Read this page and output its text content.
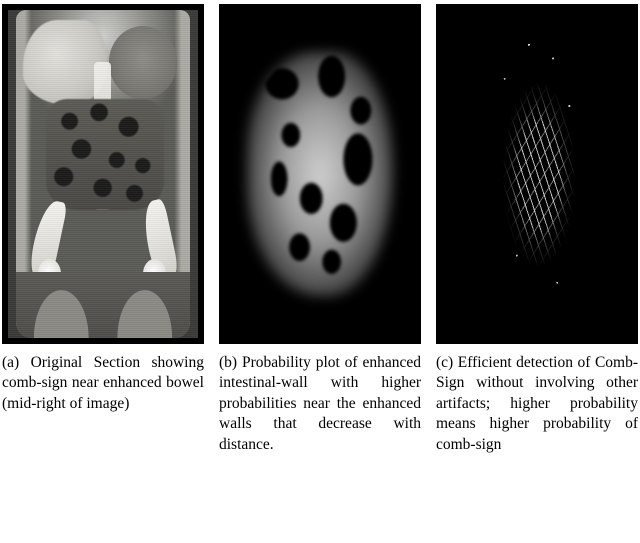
(a) Original Section showing comb-sign near enhanced bowel (mid-right of image)
(b) Probability plot of enhanced intestinal-wall with higher probabilities near the enhanced walls that decrease with distance.
(c) Efficient detection of Comb-Sign without involving other artifacts; higher probability means higher probability of comb-sign
